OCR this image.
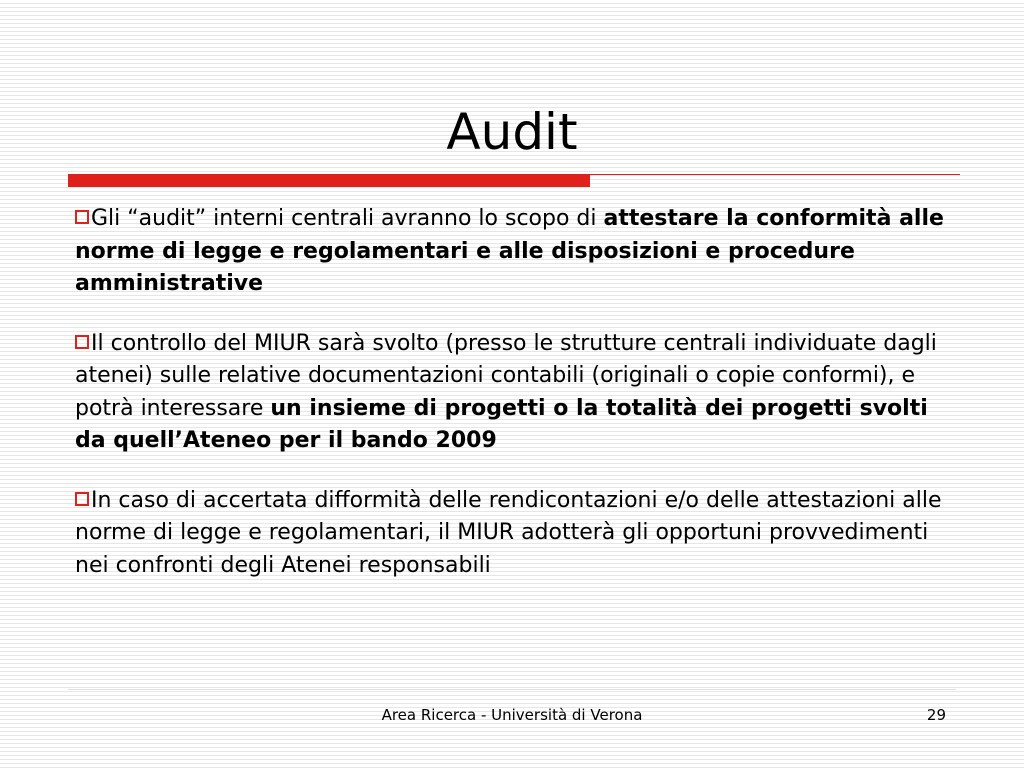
Audit
Gli “audit” interni centrali avranno lo scopo di attestare la conformità alle norme di legge e regolamentari e alle disposizioni e procedure amministrative
Il controllo del MIUR sarà svolto (presso le strutture centrali individuate dagli atenei) sulle relative documentazioni contabili (originali o copie conformi), e potrà interessare un insieme di progetti o la totalità dei progetti svolti da quell’Ateneo per il bando 2009
In caso di accertata difformità delle rendicontazioni e/o delle attestazioni alle norme di legge e regolamentari, il MIUR adotterà gli opportuni provvedimenti nei confronti degli Atenei responsabili
Area Ricerca - Università di Verona	29
